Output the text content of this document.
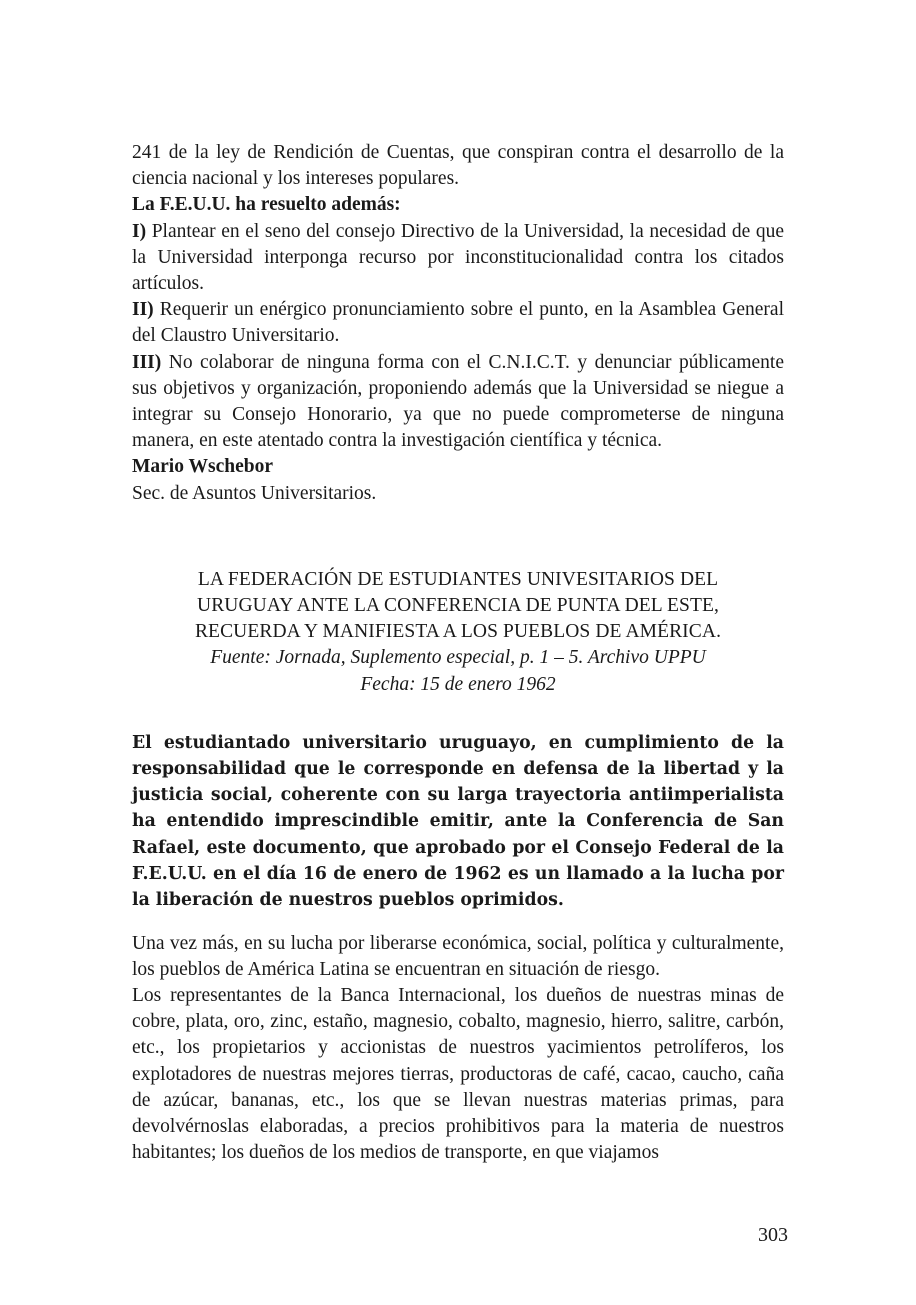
241 de la ley de Rendición de Cuentas, que conspiran contra el desarrollo de la ciencia nacional y los intereses populares.

La F.E.U.U. ha resuelto además:

I) Plantear en el seno del consejo Directivo de la Universidad, la necesidad de que la Universidad interponga recurso por inconstitucionalidad contra los citados artículos.

II) Requerir un enérgico pronunciamiento sobre el punto, en la Asamblea General del Claustro Universitario.

III) No colaborar de ninguna forma con el C.N.I.C.T. y denunciar públicamente sus objetivos y organización, proponiendo además que la Universidad se niegue a integrar su Consejo Honorario, ya que no puede comprometerse de ninguna manera, en este atentado contra la investigación científica y técnica.

Mario Wschebor

Sec. de Asuntos Universitarios.

LA FEDERACIÓN DE ESTUDIANTES UNIVESITARIOS DEL
URUGUAY ANTE LA CONFERENCIA DE PUNTA DEL ESTE,
RECUERDA Y MANIFIESTA A LOS PUEBLOS DE AMÉRICA.
Fuente: Jornada, Suplemento especial, p. 1 – 5. Archivo UPPU
Fecha: 15 de enero 1962

El estudiantado universitario uruguayo, en cumplimiento de la responsabilidad que le corresponde en defensa de la libertad y la justicia social, coherente con su larga trayectoria antiimperialista ha entendido imprescindible emitir, ante la Conferencia de San Rafael, este documento, que aprobado por el Consejo Federal de la F.E.U.U. en el día 16 de enero de 1962 es un llamado a la lucha por la liberación de nuestros pueblos oprimidos.

Una vez más, en su lucha por liberarse económica, social, política y culturalmente, los pueblos de América Latina se encuentran en situación de riesgo.

Los representantes de la Banca Internacional, los dueños de nuestras minas de cobre, plata, oro, zinc, estaño, magnesio, cobalto, magnesio, hierro, salitre, carbón, etc., los propietarios y accionistas de nuestros yacimientos petrolíferos, los explotadores de nuestras mejores tierras, productoras de café, cacao, caucho, caña de azúcar, bananas, etc., los que se llevan nuestras materias primas, para devolvérnoslas elaboradas, a precios prohibitivos para la materia de nuestros habitantes; los dueños de los medios de transporte, en que viajamos

303
